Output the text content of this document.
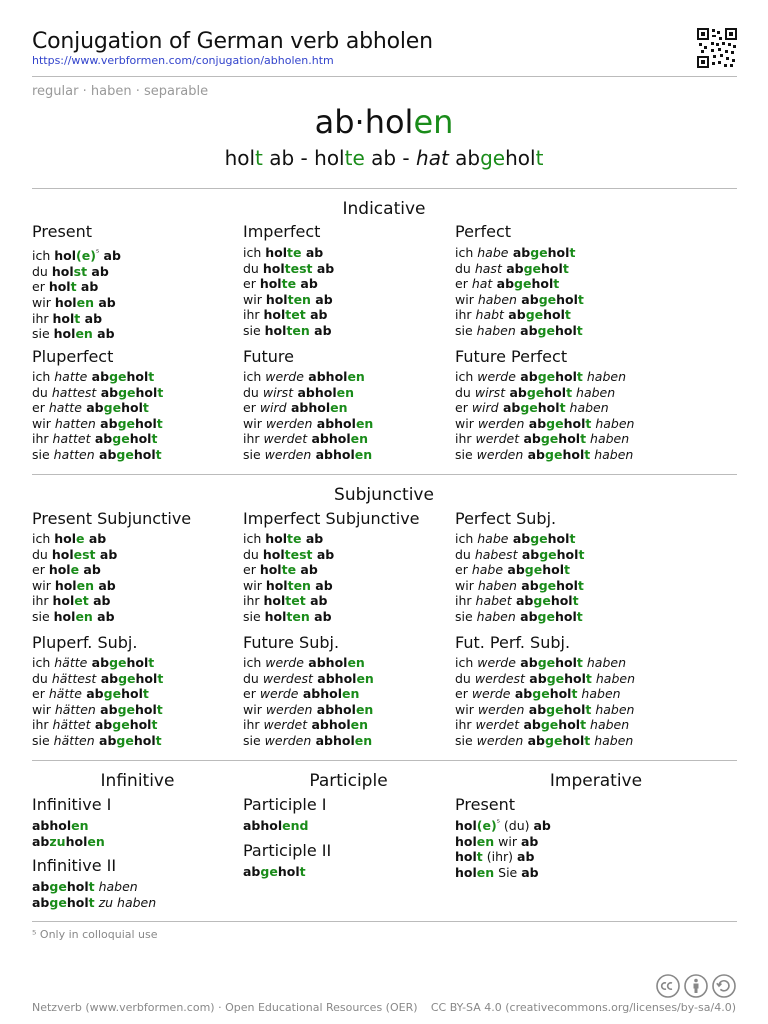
Conjugation of German verb abholen
https://www.verbformen.com/conjugation/abholen.htm
regular · haben · separable
ab·holen
holt ab - holte ab - hat abgeholt
Indicative
Present
ich $hol(e)^{^5}$ ab
du holst ab
er holt ab
wir holen ab
ihr holt ab
sie holen ab
Imperfect
ich holte ab
du holtest ab
er holte ab
wir holten ab
ihr holtet ab
sie holten ab
Perfect
ich habe abgeholt
du hast abgeholt
er hat abgeholt
wir haben abgeholt
ihr habt abgeholt
sie haben abgeholt
Pluperfect
ich hatte abgeholt
du hattest abgeholt
er hatte abgeholt
wir hatten abgeholt
ihr hattet abgeholt
sie hatten abgeholt
Future
ich werde abholen
du wirst abholen
er wird abholen
wir werden abholen
ihr werdet abholen
sie werden abholen
Future Perfect
ich werde abgeholt haben
du wirst abgeholt haben
er wird abgeholt haben
wir werden abgeholt haben
ihr werdet abgeholt haben
sie werden abgeholt haben
Subjunctive
Present Subjunctive
ich hole ab
du holest ab
er hole ab
wir holen ab
ihr holet ab
sie holen ab
Imperfect Subjunctive
ich holte ab
du holtest ab
er holte ab
wir holten ab
ihr holtet ab
sie holten ab
Perfect Subj.
ich habe abgeholt
du habest abgeholt
er habe abgeholt
wir haben abgeholt
ihr habet abgeholt
sie haben abgeholt
Pluperf. Subj.
ich hätte abgeholt
du hättest abgeholt
er hätte abgeholt
wir hätten abgeholt
ihr hättet abgeholt
sie hätten abgeholt
Future Subj.
ich werde abholen
du werdest abholen
er werde abholen
wir werden abholen
ihr werdet abholen
sie werden abholen
Fut. Perf. Subj.
ich werde abgeholt haben
du werdest abgeholt haben
er werde abgeholt haben
wir werden abgeholt haben
ihr werdet abgeholt haben
sie werden abgeholt haben
Infinitive	Participle	Imperative
Infinitive I
abholen
abzuholen
Infinitive II
abgeholt haben
abgeholt zu haben
Participle I
abholend
Participle II
abgeholt
Present
$hol(e)^{^5}$ (du) ab
holen wir ab
holt (ihr) ab
holen Sie ab
⁵ Only in colloquial use
Netzverb (www.verbformen.com) · Open Educational Resources (OER) CC BY-SA 4.0 (creativecommons.org/licenses/by-sa/4.0)
